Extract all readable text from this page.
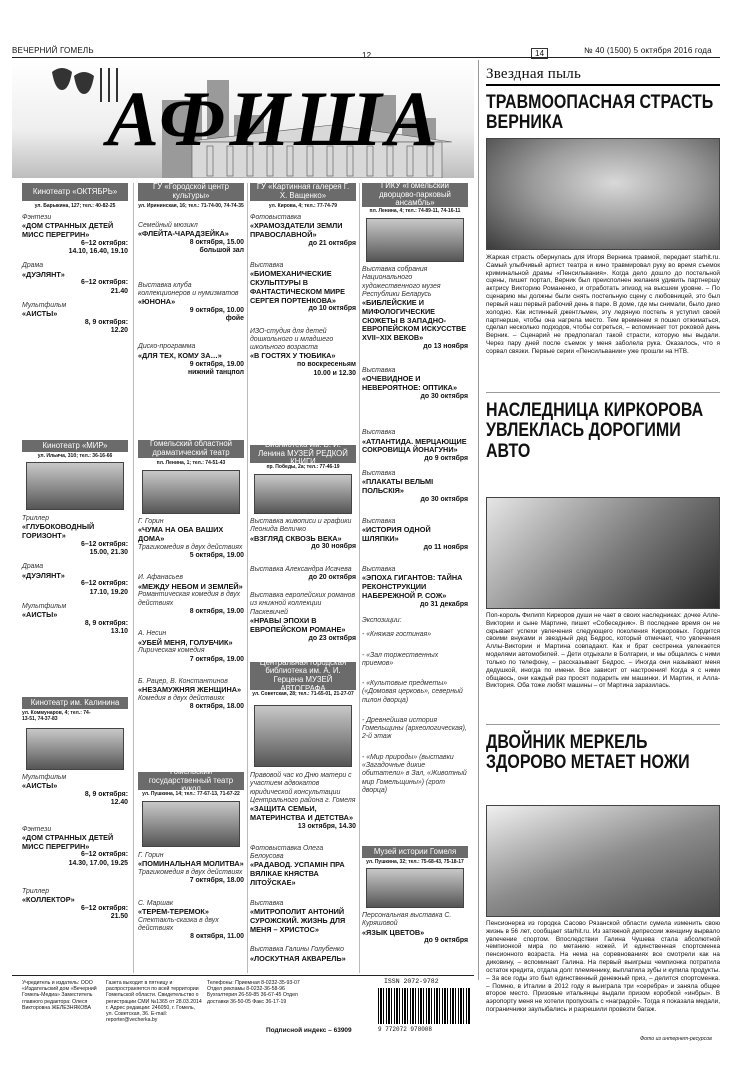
ВЕЧЕРНИЙ ГОМЕЛЬ
12	14	№ 40 (1500) 5 октября 2016 года
АФИША
Кинотеатр «ОКТЯБРЬ»
ул. Барыкина, 127; тел.: 40-82-25
Фэнтези
«ДОМ СТРАННЫХ ДЕТЕЙ МИСС ПЕРЕГРИН»
6–12 октября:
14.10, 16.40, 19.10
Драма
«ДУЭЛЯНТ»
6–12 октября:
21.40
Мультфильм
«АИСТЫ»
8, 9 октября:
12.20
Кинотеатр «МИР»
ул. Ильича, 31б; тел.: 36-16-66
Триллер
«ГЛУБОКОВОДНЫЙ ГОРИЗОНТ»
6–12 октября:
15.00, 21.30
Драма
«ДУЭЛЯНТ»
6–12 октября:
17.10, 19.20
Мультфильм
«АИСТЫ»
8, 9 октября:
13.10
Кинотеатр им. Калинина
ул. Коммунаров, 4; тел.: 74-13-51, 74-37-83
Мультфильм
«АИСТЫ»
8, 9 октября:
12.40
Фэнтези
«ДОМ СТРАННЫХ ДЕТЕЙ МИСС ПЕРЕГРИН»
6–12 октября:
14.30, 17.00, 19.25
Триллер
«КОЛЛЕКТОР»
6–12 октября:
21.50
ГУ «Городской центр культуры»
ул. Ирининская, 16; тел.: 71-74-00, 74-74-35
Семейный мюзикл
«ФЛЕЙТА-ЧАРАДЗЕЙКА»
8 октября, 15.00
большой зал
Выставка клуба коллекционеров и нумизматов
«ЮНОНА»
9 октября, 10.00
фойе
Диско-программа
«ДЛЯ ТЕХ, КОМУ ЗА…»
9 октября, 19.00
нижний танцпол
Гомельский областной драматический театр
пл. Ленина, 1; тел.: 74-51-43
Г. Горин
«ЧУМА НА ОБА ВАШИХ ДОМА»
Трагикомедия в двух действиях
5 октября, 19.00
И. Афанасьев
«МЕЖДУ НЕБОМ И ЗЕМЛЕЙ»
Романтическая комедия в двух действиях
8 октября, 19.00
А. Несин
«УБЕЙ МЕНЯ, ГОЛУБЧИК»
Лирическая комедия
7 октября, 19.00
Б. Рацер, В. Константинов
«НЕЗАМУЖНЯЯ ЖЕНЩИНА»
Комедия в двух действиях
8 октября, 18.00
Гомельский государственный театр кукол
ул. Пушкина, 14; тел.: 77-67-13, 71-67-22
Г. Горин
«ПОМИНАЛЬНАЯ МОЛИТВА»
Трагикомедия в двух действиях
7 октября, 18.00
С. Маршак
«ТЕРЕМ-ТЕРЕМОК»
Спектакль-сказка в двух действиях
8 октября, 11.00
ГУ «Картинная галерея Г. Х. Ващенко»
ул. Кирова, 4; тел.: 77-74-79
Фотовыставка
«ХРАМОЗДАТЕЛИ ЗЕМЛИ ПРАВОСЛАВНОЙ»
до 21 октября
Выставка
«БИОМЕХАНИЧЕСКИЕ СКУЛЬПТУРЫ В ФАНТАСТИЧЕСКОМ МИРЕ СЕРГЕЯ ПОРТЕНКОВА»
до 10 октября
ИЗО-студия для детей дошкольного и младшего школьного возраста
«В ГОСТЯХ У ТЮБИКА»
по воскресеньям
10.00 и 12.30
Библиотека им. В. И. Ленина МУЗЕЙ РЕДКОЙ КНИГИ
пр. Победы, 2а; тел.: 77-46-19
Выставка живописи и графики Леонида Величко
«ВЗГЛЯД СКВОЗЬ ВЕКА»
до 30 ноября
Выставка Александра Исачева
до 20 октября
Выставка европейских романов из книжной коллекции Паскевичей
«НРАВЫ ЭПОХИ В ЕВРОПЕЙСКОМ РОМАНЕ»
до 23 октября
Центральная городская библиотека им. А. И. Герцена МУЗЕЙ АВТОГРАФА
ул. Советская, 28; тел.: 71-65-01, 21-27-07
Правовой час ко Дню матери с участием адвокатов юридической консультации Центрального района г. Гомеля
«ЗАЩИТА СЕМЬИ, МАТЕРИНСТВА И ДЕТСТВА»
13 октября, 14.30
Фотовыставка Олега Белоусова
«РАДАВОД. УСПАМІН ПРА ВЯЛІКАЕ КНЯСТВА ЛІТОЎСКАЕ»
Выставка
«МИТРОПОЛИТ АНТОНИЙ СУРОЖСКИЙ. ЖИЗНЬ ДЛЯ МЕНЯ – ХРИСТОС»
Выставка Галины Голубенко
«ЛОСКУТНАЯ АКВАРЕЛЬ»
ГИКУ «Гомельский дворцово-парковый ансамбль»
пл. Ленина, 4; тел.: 74-89-11, 74-16-11
Выставка собрания Национального художественного музея Республики Беларусь
«БИБЛЕЙСКИЕ И МИФОЛОГИЧЕСКИЕ СЮЖЕТЫ В ЗАПАДНО-ЕВРОПЕЙСКОМ ИСКУССТВЕ XVII–XIX ВЕКОВ»
до 13 ноября
Выставка
«ОЧЕВИДНОЕ И НЕВЕРОЯТНОЕ: ОПТИКА»
до 30 октября
Выставка
«АТЛАНТИДА. МЕРЦАЮЩИЕ СОКРОВИЩА ЙОНАГУНИ»
до 9 октября
Выставка
«ПЛАКАТЫ ВЕЛЬМІ ПОЛЬСКІЯ»
до 30 октября
Выставка
«ИСТОРИЯ ОДНОЙ ШЛЯПКИ»
до 11 ноября
Выставка
«ЭПОХА ГИГАНТОВ: ТАЙНА РЕКОНСТРУКЦИИ НАБЕРЕЖНОЙ Р. СОЖ»
до 31 декабря
Экспозиции:
- «Княжая гостиная»
- «Зал торжественных приемов»
- «Культовые предметы» («Домовая церковь», северный пилон дворца)
- Древнейшая история Гомельщины (археологическая), 2-й этаж
- «Мир природы» (выставки «Загадочные дикие обитатели» в Зал, «Животный мир Гомельщины») (грот дворца)
Музей истории Гомеля
ул. Пушкина, 32; тел.: 75-68-43, 75-18-17
Персональная выставка С. Куряшовой
«ЯЗЫК ЦВЕТОВ»
до 9 октября
Звездная пыль
ТРАВМООПАСНАЯ СТРАСТЬ ВЕРНИКА
Жаркая страсть обернулась для Игоря Верника травмой, передает starhit.ru. Самый улыбчивый артист театра и кино травмировал руку во время съемок криминальной драмы «Пенсильвания». Когда дело дошло до постельной сцены, пишет портал, Верник был преисполнен желания удивить партнершу актрису Викторию Романенко, и отработать эпизод на высшем уровне. – По сценарию мы должны были снять постельную сцену с любовницей, это был первый наш первый рабочий день в паре. В доме, где мы снимали, было дико холодно. Как истинный джентльмен, эту ледяную постель я уступил своей партнерше, чтобы она нагрела место. Тем временем я пошел отжиматься, сделал несколько подходов, чтобы согреться, – вспоминает тот роковой день Верник. – Сценарий не предполагал такой страсти, которую мы выдали. Через пару дней после съемок у меня заболела рука. Оказалось, что я сорвал связки. Первые серии «Пенсильвании» уже прошли на НТВ.
НАСЛЕДНИЦА КИРКОРОВА УВЛЕКЛАСЬ ДОРОГИМИ АВТО
Поп-король Филипп Киркоров души не чает в своих наследниках: дочке Алле-Виктории и сыне Мартине, пишет «Собеседник». В последнее время он не скрывает успехи увлечения следующего поколения Киркоровых. Гордится своими внуками и звездный дед Бедрос, который отмечает, что увлечения Аллы-Виктории и Мартина совпадают. Как и брат сестренка увлекается моделями автомобилей. – Дети отдыхали в Болгарии, и мы общались с ними только по телефону, – рассказывает Бедрос. – Иногда они называют меня дедушкой, иногда по имени. Все зависит от настроения! Когда я с ними общаюсь, они каждый раз просят подарить им машинки. И Мартин, и Алла-Виктория. Оба тоже любят машины – от Мартина заразилась.
ДВОЙНИК МЕРКЕЛЬ ЗДОРОВО МЕТАЕТ НОЖИ
Пенсионерка из городка Сасово Рязанской области сумела изменить свою жизнь в 56 лет, сообщает starhit.ru. Из затяжной депрессии женщину вырвало увлечение спортом. Впоследствии Галина Чушева стала абсолютной чемпионкой мира по метанию ножей. И единственная спортсменка пенсионного возраста. На нема на соревнованиях все смотрели как на диковину, – вспоминает Галина. На первый выигрыш чемпионка потратила остаток кредита, отдала долг племяннику, выплатила зубы и купила продукты. – За все годы это был единственный денежный приз, – делится спортсменка. – Помню, в Италии в 2012 году я выиграла три «серебра» и заняла общее второе место. Призовые итальянцы выдали призом коробкой «инбры». В аэропорту меня не хотели пропускать с «наградой». Тогда я показала медали, пограничники заулыбались и разрешили провезти багаж.
Фото из интернет-ресурсов
Учредитель и издатель: ООО «Издательский дом «Вечерний Гомель-Медиа» Заместитель главного редактора: Олеся Викторовна ЖЕЛЕЗНЯКОВА
Газета выходит в пятницу и распространяется по всей территории Гомельской области. Свидетельство о регистрации СМИ №1365 от 28.03.2014 г. Адрес редакции: 246050, г. Гомель, ул. Советская, 36. E-mail: reporter@vecherka.by
Телефоны: Приемная 8-0232-35-93-07 Отдел рекламы 8-0232-36-58-96 Бухгалтерия 26-59-85 36-67-45 Отдел доставки 36-50-05 Факс 36-17-19
Подписной индекс – 63909
ISSN 2072-9782
9 772072 978008
